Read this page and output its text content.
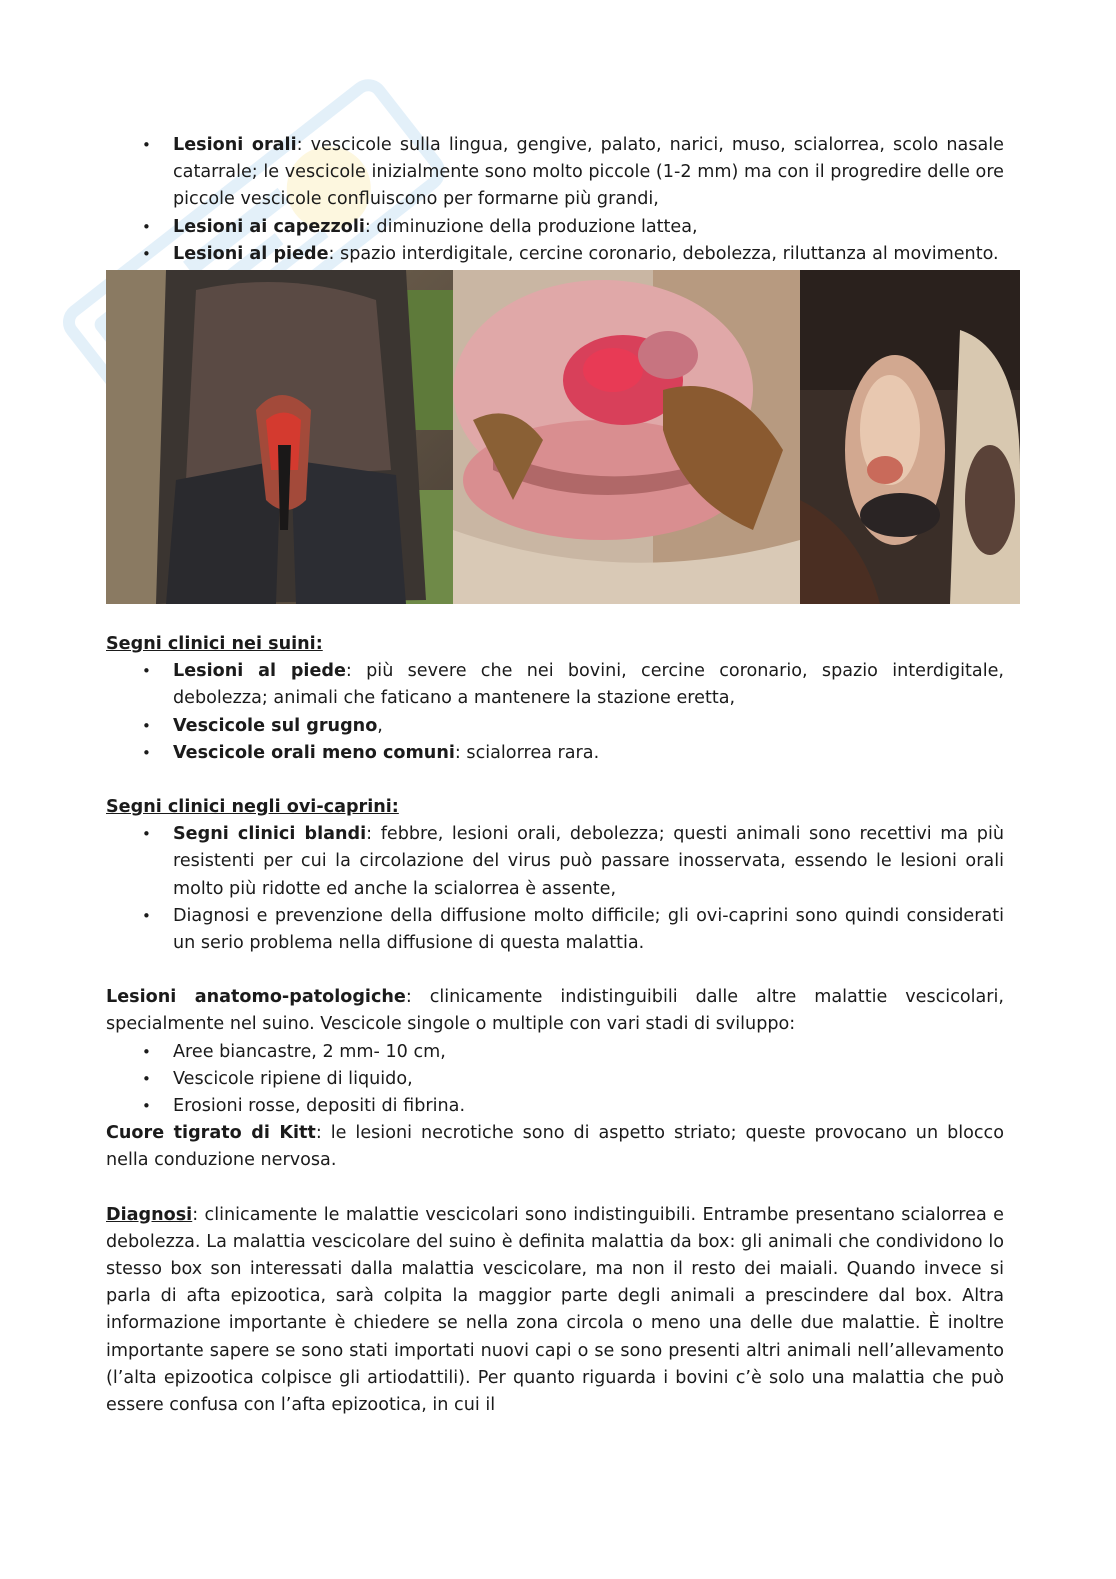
• Lesioni orali: vescicole sulla lingua, gengive, palato, narici, muso, scialorrea, scolo nasale catarrale; le vescicole inizialmente sono molto piccole (1-2 mm) ma con il progredire delle ore piccole vescicole confluiscono per formarne più grandi,
• Lesioni ai capezzoli: diminuzione della produzione lattea,
• Lesioni al piede: spazio interdigitale, cercine coronario, debolezza, riluttanza al movimento.

Segni clinici nei suini:

• Lesioni al piede: più severe che nei bovini, cercine coronario, spazio interdigitale, debolezza; animali che faticano a mantenere la stazione eretta,
• Vescicole sul grugno,
• Vescicole orali meno comuni: scialorrea rara.

Segni clinici negli ovi-caprini:

• Segni clinici blandi: febbre, lesioni orali, debolezza; questi animali sono recettivi ma più resistenti per cui la circolazione del virus può passare inosservata, essendo le lesioni orali molto più ridotte ed anche la scialorrea è assente,
• Diagnosi e prevenzione della diffusione molto difficile; gli ovi-caprini sono quindi considerati un serio problema nella diffusione di questa malattia.

Lesioni anatomo-patologiche: clinicamente indistinguibili dalle altre malattie vescicolari, specialmente nel suino. Vescicole singole o multiple con vari stadi di sviluppo:

• Aree biancastre, 2 mm- 10 cm,
• Vescicole ripiene di liquido,
• Erosioni rosse, depositi di fibrina.

Cuore tigrato di Kitt: le lesioni necrotiche sono di aspetto striato; queste provocano un blocco nella conduzione nervosa.

Diagnosi: clinicamente le malattie vescicolari sono indistinguibili. Entrambe presentano scialorrea e debolezza. La malattia vescicolare del suino è definita malattia da box: gli animali che condividono lo stesso box son interessati dalla malattia vescicolare, ma non il resto dei maiali. Quando invece si parla di afta epizootica, sarà colpita la maggior parte degli animali a prescindere dal box. Altra informazione importante è chiedere se nella zona circola o meno una delle due malattie. È inoltre importante sapere se sono stati importati nuovi capi o se sono presenti altri animali nell’allevamento (l’alta epizootica colpisce gli artiodattili). Per quanto riguarda i bovini c’è solo una malattia che può essere confusa con l’afta epizootica, in cui il
